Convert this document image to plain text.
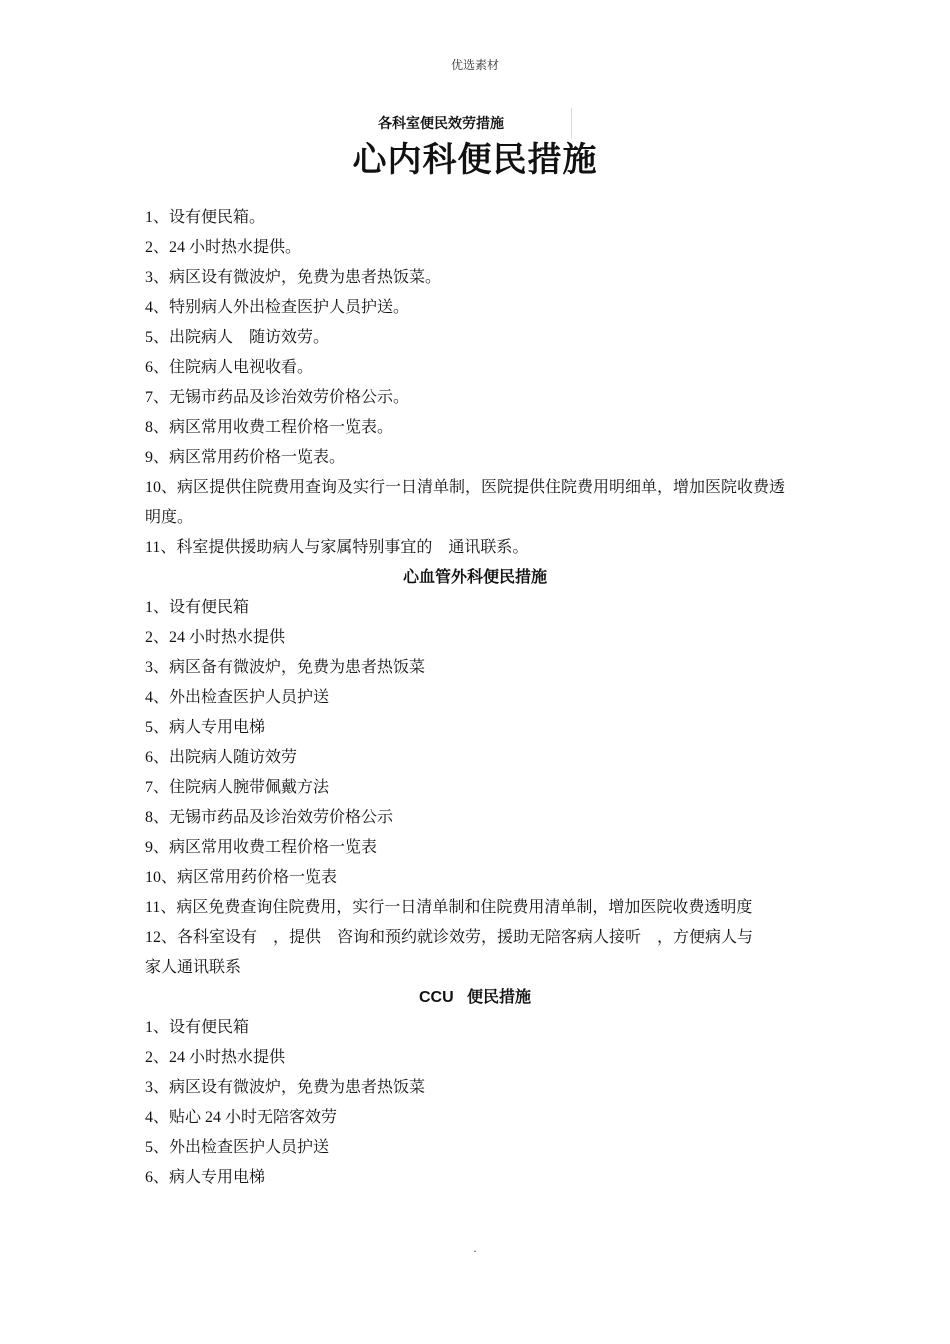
优选素材
各科室便民效劳措施
心内科便民措施
1、设有便民箱。
2、24 小时热水提供。
3、病区设有微波炉，免费为患者热饭菜。
4、特别病人外出检查医护人员护送。
5、出院病人    随访效劳。
6、住院病人电视收看。
7、无锡市药品及诊治效劳价格公示。
8、病区常用收费工程价格一览表。
9、病区常用药价格一览表。
10、病区提供住院费用查询及实行一日清单制，医院提供住院费用明细单，增加医院收费透
明度。
11、科室提供援助病人与家属特别事宜的    通讯联系。
心血管外科便民措施
1、设有便民箱
2、24 小时热水提供
3、病区备有微波炉，免费为患者热饭菜
4、外出检查医护人员护送
5、病人专用电梯
6、出院病人随访效劳
7、住院病人腕带佩戴方法
8、无锡市药品及诊治效劳价格公示
9、病区常用收费工程价格一览表
10、病区常用药价格一览表
11、病区免费查询住院费用，实行一日清单制和住院费用清单制，增加医院收费透明度
12、各科室设有    ，提供    咨询和预约就诊效劳，援助无陪客病人接听    ，方便病人与
家人通讯联系
CCU   便民措施
1、设有便民箱
2、24 小时热水提供
3、病区设有微波炉，免费为患者热饭菜
4、贴心 24 小时无陪客效劳
5、外出检查医护人员护送
6、病人专用电梯
.
